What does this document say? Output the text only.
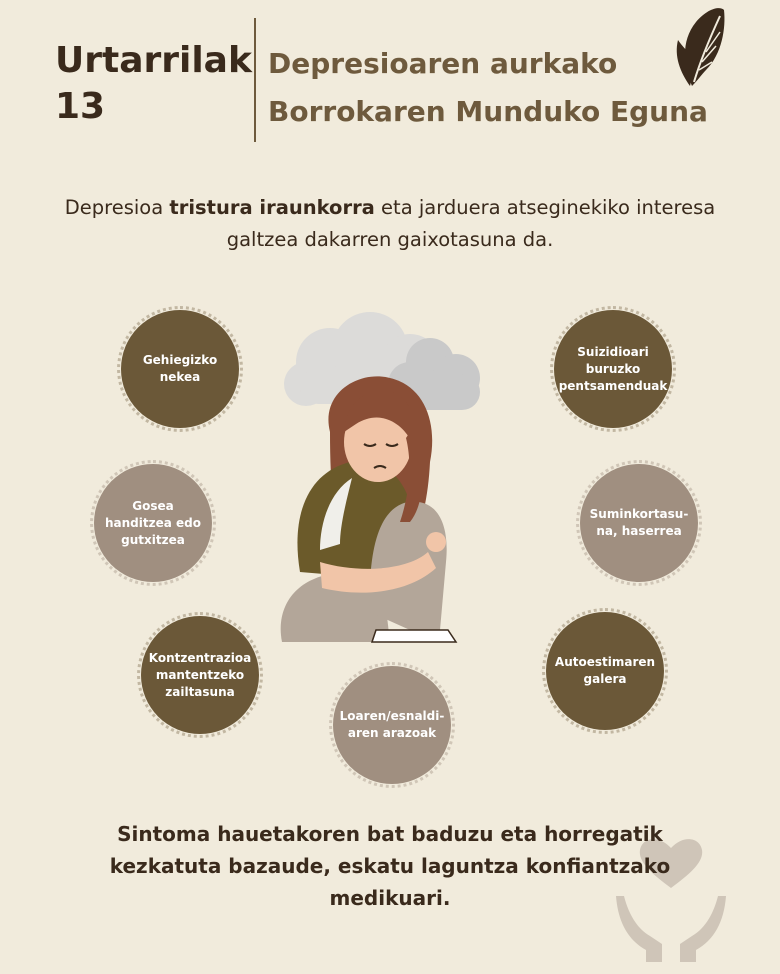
Urtarrilak
13
Depresioaren aurkako
Borrokaren Munduko Eguna
Depresioa tristura iraunkorra eta jarduera atseginekiko interesa galtzea dakarren gaixotasuna da.
Gehiegizko nekea
Suizidioari buruzko pentsamenduak
Gosea handitzea edo gutxitzea
Suminkortasu-na, haserrea
Kontzentrazioa mantentzeko zailtasuna
Autoestimaren galera
Loaren/esnaldi-aren arazoak
Sintoma hauetakoren bat baduzu eta horregatik kezkatuta bazaude, eskatu laguntza konfiantzako medikuari.
